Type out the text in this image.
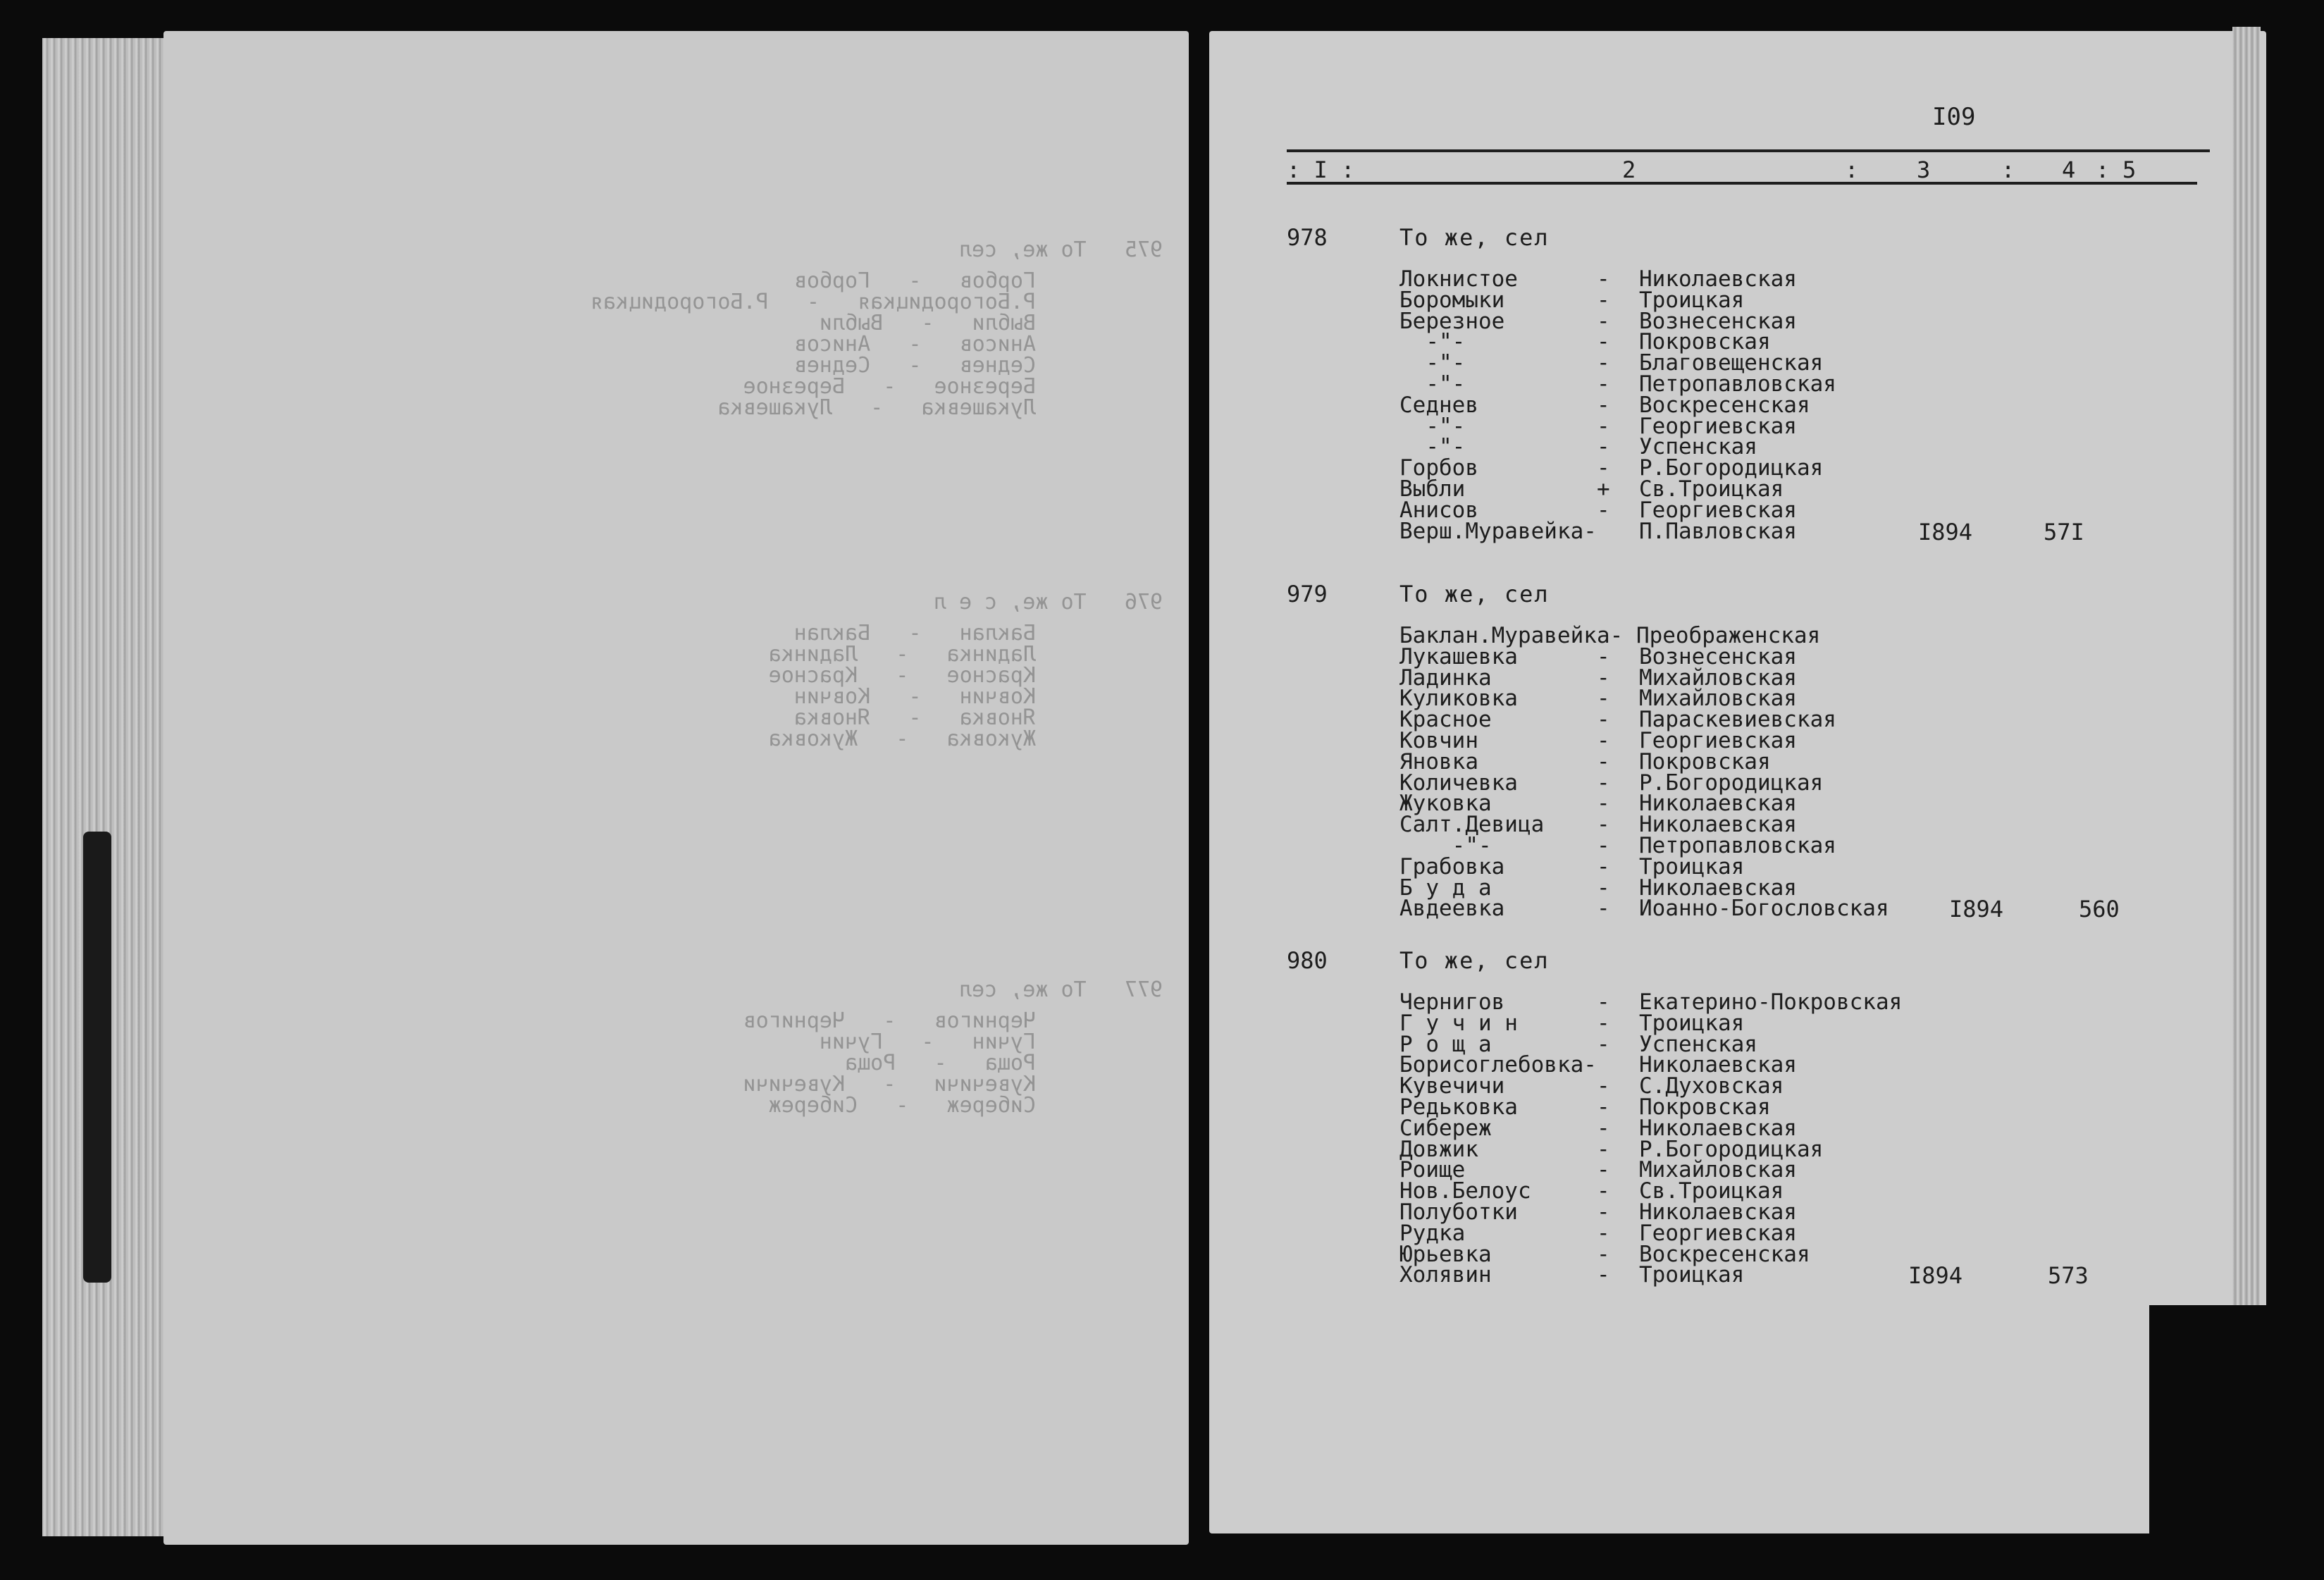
975   То же, сел
Горбов   -   Горбов
Р.Богородицкая   -   Р.Богородицкая
Выбли   -   Выбли
Анисов   -   Анисов
Седнев   -   Седнев
Березное   -   Березное
Лукашевка   -   Лукашевка
976   То же, с е л
Баклан   -   Баклан
Ладинка   -   Ладинка
Красное   -   Красное
Ковчин   -   Ковчин
Яновка   -   Яновка
Жуковка   -   Жуковка
977   То же, сел
Чернигов   -   Чернигов
Гучин   -   Гучин
Роща   -   Роща
Кувечичи   -   Кувечичи
Сибереж   -   Сибереж
I09
: I :	2	:	3	: 4 : 5
978	То же, сел
Локнистое	- Николаевская
Боромыки	- Троицкая
Березное	- Вознесенская
-"-	- Покровская
-"-	- Благовещенская
-"-	- Петропавловская
Седнев	- Воскресенская
-"-	- Георгиевская
-"-	- Успенская
Горбов	- Р.Богородицкая
Выбли	+ Св.Троицкая
Анисов	- Георгиевская
Верш.Муравейка- П.Павловская	I894	57I
979	То же, сел
Баклан.Муравейка- Преображенская
Лукашевка	- Вознесенская
Ладинка	- Михайловская
Куликовка	- Михайловская
Красное	- Параскевиевская
Ковчин	- Георгиевская
Яновка	- Покровская
Количевка	- Р.Богородицкая
Жуковка	- Николаевская
Салт.Девица - Николаевская
-"-	- Петропавловская
Грабовка	- Троицкая
Б у д а	- Николаевская
Авдеевка	- Иоанно-Богословская	I894	560
980	То же, сел
Чернигов	- Екатерино-Покровская
Г у ч и н	- Троицкая
Р о щ а	- Успенская
Борисоглебовка- Николаевская
Кувечичи	- С.Духовская
Редьковка	- Покровская
Сибереж	- Николаевская
Довжик	- Р.Богородицкая
Роище	- Михайловская
Нов.Белоус	- Св.Троицкая
Полуботки	- Николаевская
Рудка	- Георгиевская
Юрьевка	- Воскресенская
Холявин	- Троицкая	I894	573
